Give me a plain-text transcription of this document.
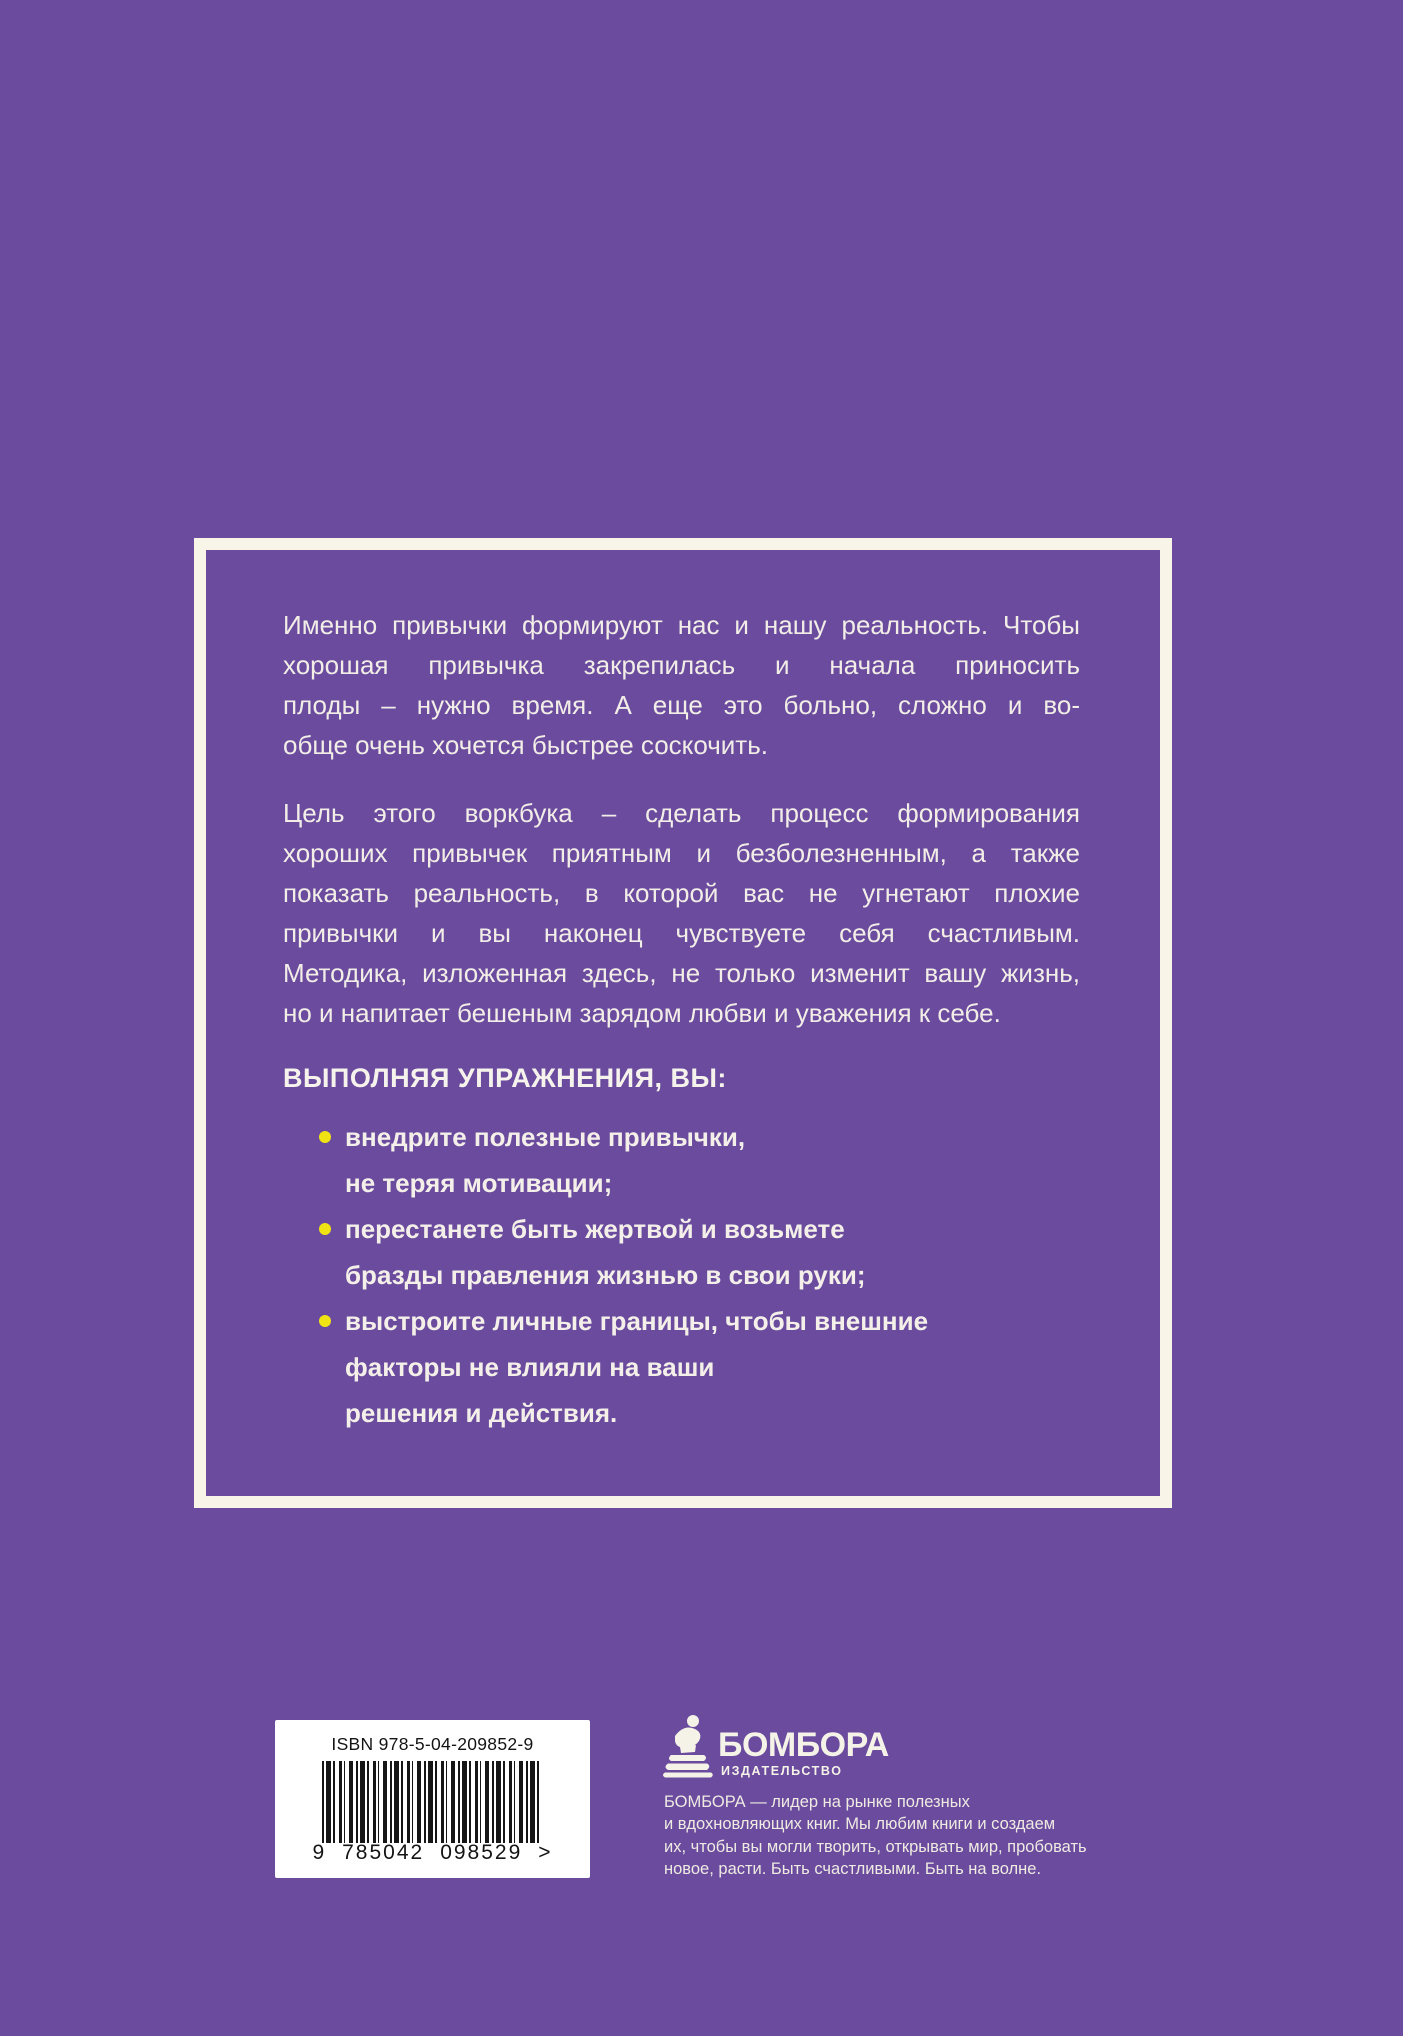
Именно привычки формируют нас и нашу реальность. Чтобы
хорошая привычка закрепилась и начала приносить
плоды – нужно время. А еще это больно, сложно и во-
обще очень хочется быстрее соскочить.
Цель этого воркбука – сделать процесс формирования
хороших привычек приятным и безболезненным, а также
показать реальность, в которой вас не угнетают плохие
привычки и вы наконец чувствуете себя счастливым.
Методика, изложенная здесь, не только изменит вашу жизнь,
но и напитает бешеным зарядом любви и уважения к себе.
ВЫПОЛНЯЯ УПРАЖНЕНИЯ, ВЫ:
внедрите полезные привычки,
не теряя мотивации;
перестанете быть жертвой и возьмете
бразды правления жизнью в свои руки;
выстроите личные границы, чтобы внешние
факторы не влияли на ваши
решения и действия.
ISBN 978-5-04-209852-9
9 785042 098529 >
БОМБОРА
ИЗДАТЕЛЬСТВО
БОМБОРА — лидер на рынке полезных
и вдохновляющих книг. Мы любим книги и создаем
их, чтобы вы могли творить, открывать мир, пробовать
новое, расти. Быть счастливыми. Быть на волне.
